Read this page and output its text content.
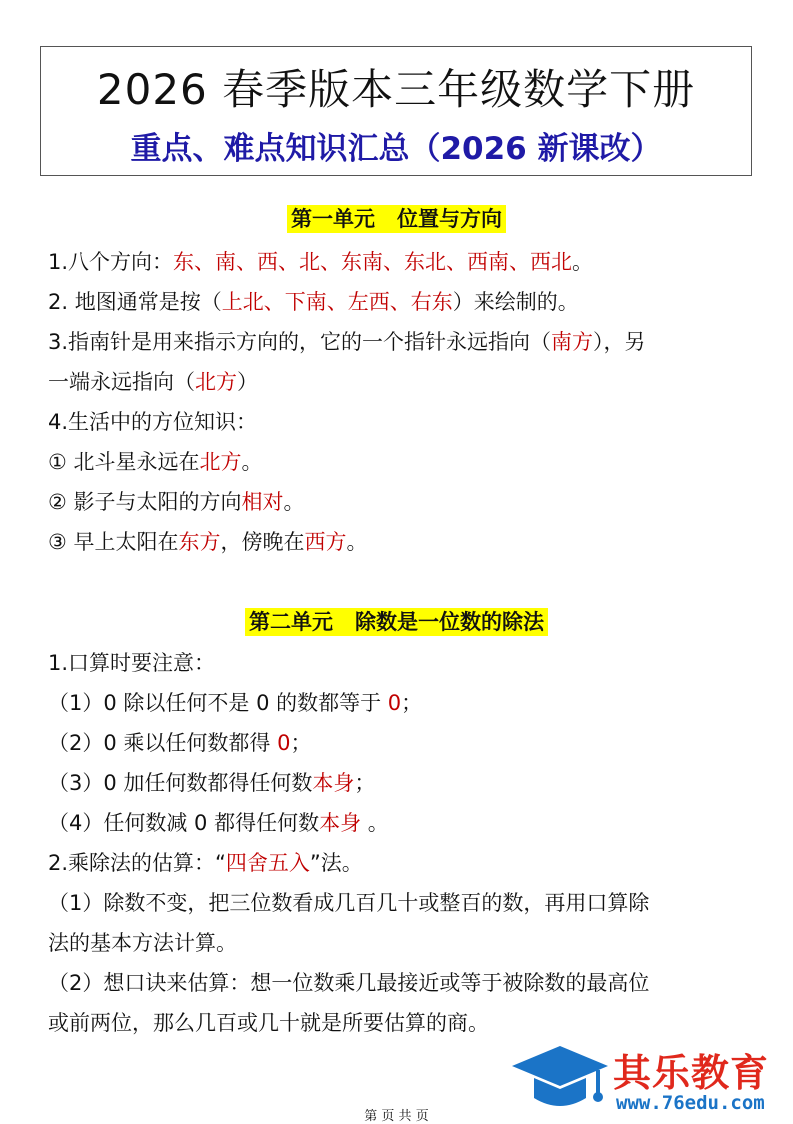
2026 春季版本三年级数学下册
重点、难点知识汇总（2026 新课改）
第一单元   位置与方向
1.八个方向：东、南、西、北、东南、东北、西南、西北。
2. 地图通常是按（上北、下南、左西、右东）来绘制的。
3.指南针是用来指示方向的，它的一个指针永远指向（南方），另
一端永远指向（北方）
4.生活中的方位知识：
① 北斗星永远在北方。
② 影子与太阳的方向相对。
③ 早上太阳在东方，傍晚在西方。
第二单元   除数是一位数的除法
1.口算时要注意：
（1）0 除以任何不是 0 的数都等于 0；
（2）0 乘以任何数都得 0；
（3）0 加任何数都得任何数本身；
（4）任何数减 0 都得任何数本身 。
2.乘除法的估算：“四舍五入”法。
（1）除数不变，把三位数看成几百几十或整百的数，再用口算除
法的基本方法计算。
（2）想口诀来估算：想一位数乘几最接近或等于被除数的最高位
或前两位，那么几百或几十就是所要估算的商。
其乐教育
www.76edu.com
第 页 共 页
